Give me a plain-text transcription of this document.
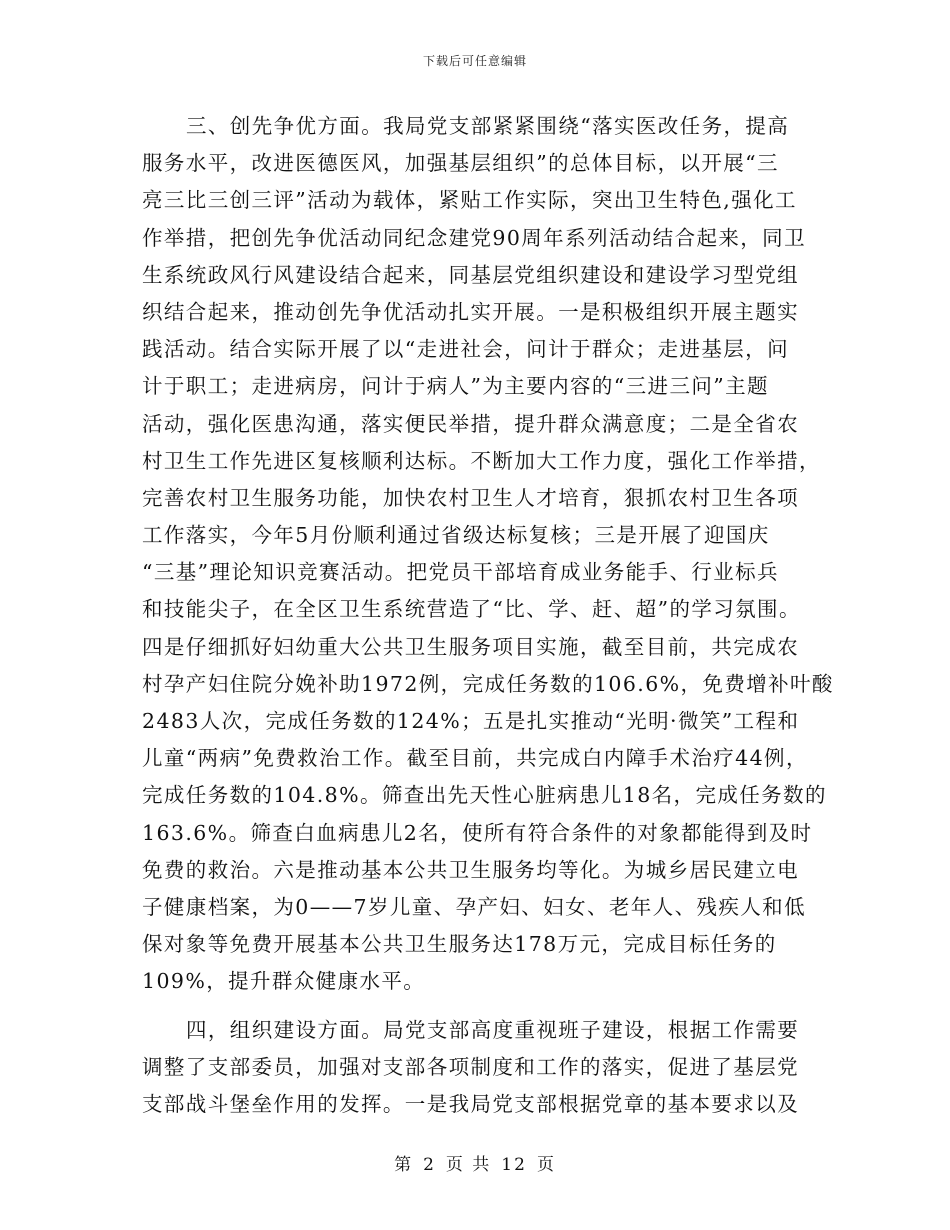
下载后可任意编辑
三、创先争优方面。我局党支部紧紧围绕“落实医改任务，提高
服务水平，改进医德医风，加强基层组织”的总体目标，以开展“三
亮三比三创三评”活动为载体，紧贴工作实际，突出卫生特色,强化工
作举措，把创先争优活动同纪念建党90周年系列活动结合起来，同卫
生系统政风行风建设结合起来，同基层党组织建设和建设学习型党组
织结合起来，推动创先争优活动扎实开展。一是积极组织开展主题实
践活动。结合实际开展了以“走进社会，问计于群众；走进基层，问
计于职工；走进病房，问计于病人”为主要内容的“三进三问”主题
活动，强化医患沟通，落实便民举措，提升群众满意度；二是全省农
村卫生工作先进区复核顺利达标。不断加大工作力度，强化工作举措，
完善农村卫生服务功能，加快农村卫生人才培育，狠抓农村卫生各项
工作落实，今年5月份顺利通过省级达标复核；三是开展了迎国庆
“三基”理论知识竞赛活动。把党员干部培育成业务能手、行业标兵
和技能尖子，在全区卫生系统营造了“比、学、赶、超”的学习氛围。
四是仔细抓好妇幼重大公共卫生服务项目实施，截至目前，共完成农
村孕产妇住院分娩补助1972例，完成任务数的106.6%，免费增补叶酸
2483人次，完成任务数的124%；五是扎实推动“光明·微笑”工程和
儿童“两病”免费救治工作。截至目前，共完成白内障手术治疗44例，
完成任务数的104.8%。筛查出先天性心脏病患儿18名，完成任务数的
163.6%。筛查白血病患儿2名，使所有符合条件的对象都能得到及时
免费的救治。六是推动基本公共卫生服务均等化。为城乡居民建立电
子健康档案，为0——7岁儿童、孕产妇、妇女、老年人、残疾人和低
保对象等免费开展基本公共卫生服务达178万元，完成目标任务的
109%，提升群众健康水平。
四，组织建设方面。局党支部高度重视班子建设，根据工作需要
调整了支部委员，加强对支部各项制度和工作的落实，促进了基层党
支部战斗堡垒作用的发挥。一是我局党支部根据党章的基本要求以及
第 2 页 共 12 页
